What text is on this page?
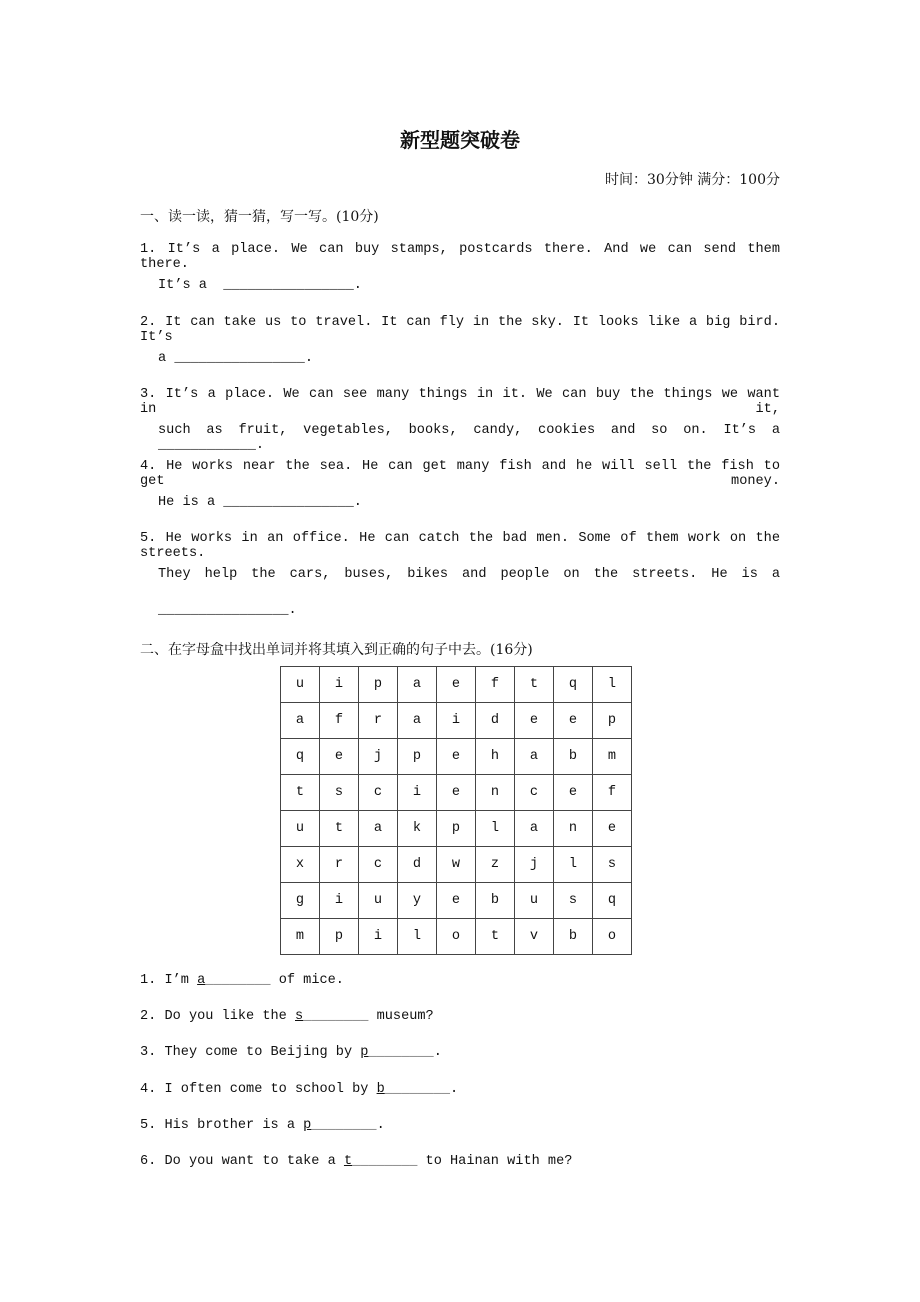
新型题突破卷
时间：30分钟 满分：100分
一、读一读，猜一猜，写一写。(10分)
1. It’s a place. We can buy stamps, postcards there. And we can send them there.
It’s a  ________________.
2. It can take us to travel. It can fly in the sky. It looks like a big bird. It’s
a ________________.
3. It’s a place. We can see many things in it. We can buy the things we want in it,
such as fruit, vegetables, books, candy, cookies and so on. It’s a ____________.
4. He works near the sea. He can get many fish and he will sell the fish to get money.
He is a ________________.
5. He works in an office. He can catch the bad men. Some of them work on the streets.
They help the cars, buses, bikes and people on the streets. He is a
________________.
二、在字母盒中找出单词并将其填入到正确的句子中去。(16分)
u	i	p	a	e	f	t	q	l
a	f	r	a	i	d	e	e	p
q	e	j	p	e	h	a	b	m
t	s	c	i	e	n	c	e	f
u	t	a	k	p	l	a	n	e
x	r	c	d	w	z	j	l	s
g	i	u	y	e	b	u	s	q
m	p	i	l	o	t	v	b	o
1. I’m a________ of mice.
2. Do you like the s________ museum?
3. They come to Beijing by p________.
4. I often come to school by b________.
5. His brother is a p________.
6. Do you want to take a t________ to Hainan with me?
